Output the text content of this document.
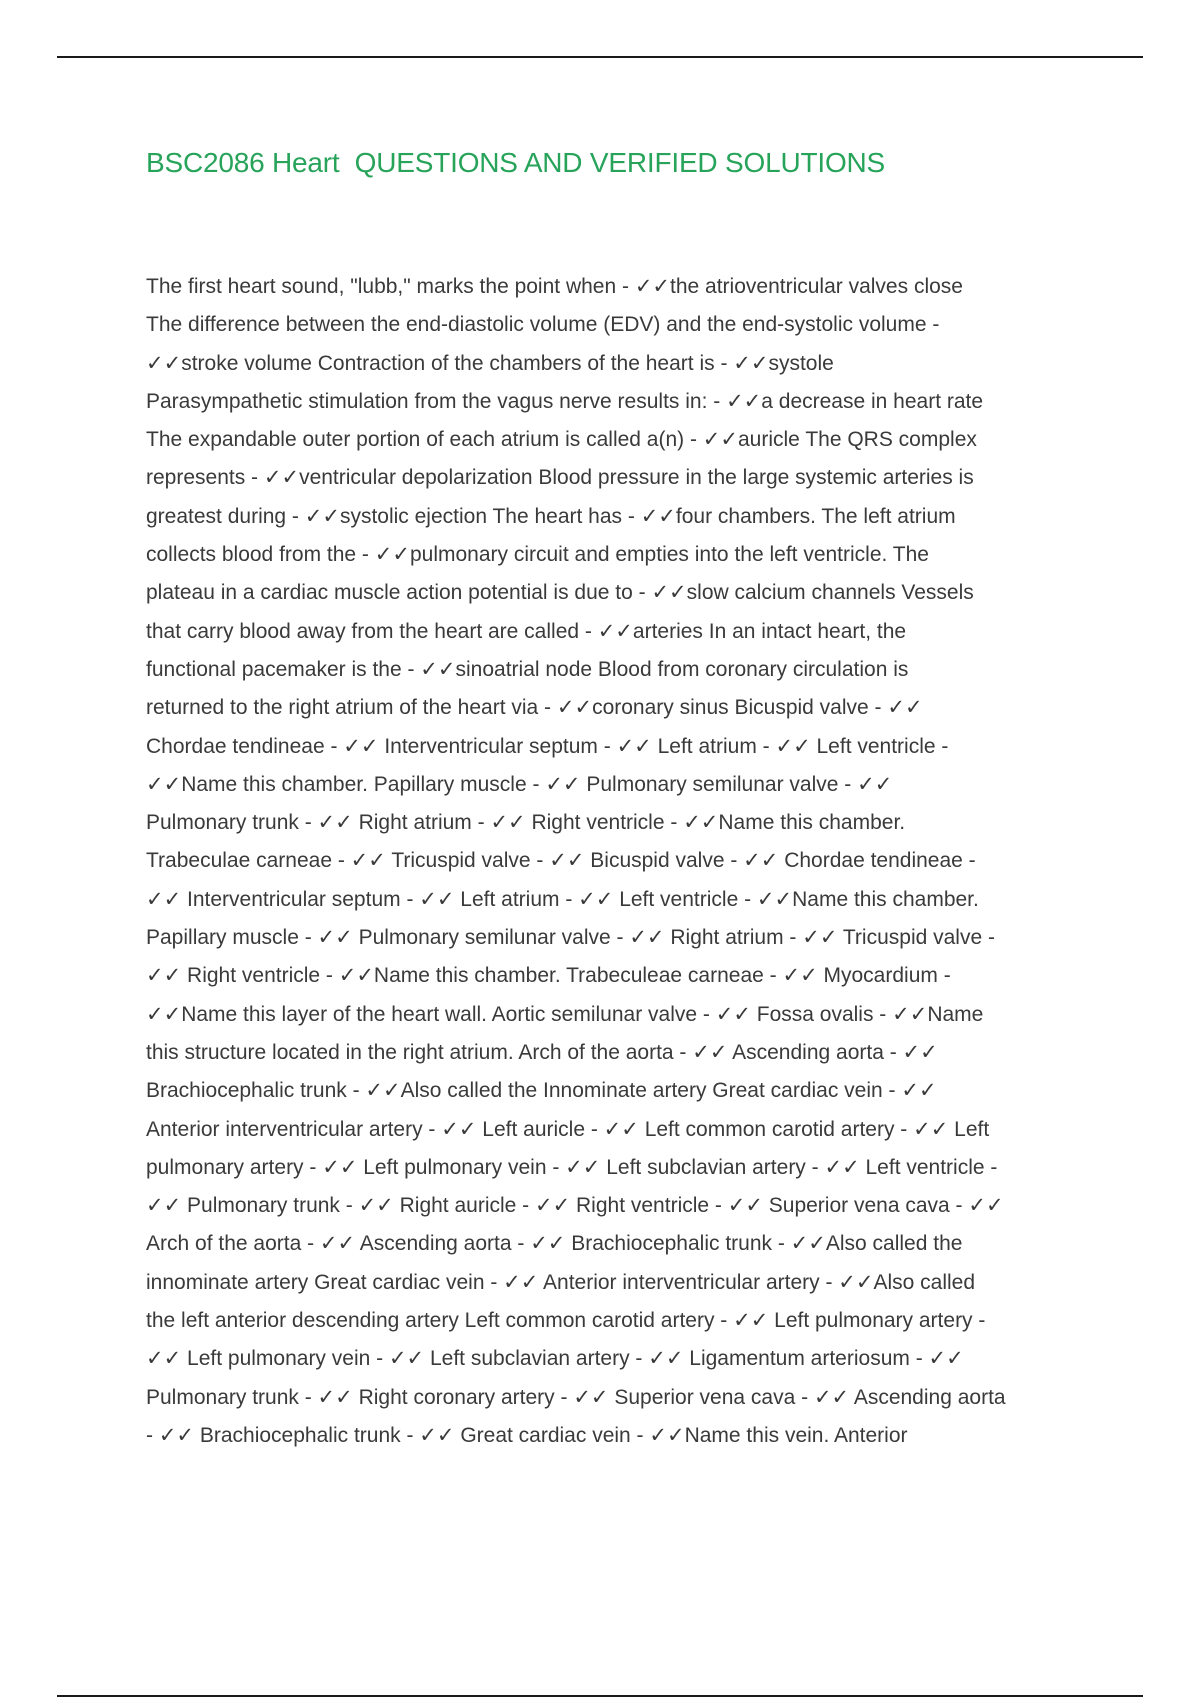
BSC2086 Heart  QUESTIONS AND VERIFIED SOLUTIONS
The first heart sound, "lubb," marks the point when - ✓✓the atrioventricular valves close
The difference between the end-diastolic volume (EDV) and the end-systolic volume -
✓✓stroke volume Contraction of the chambers of the heart is - ✓✓systole
Parasympathetic stimulation from the vagus nerve results in: - ✓✓a decrease in heart rate
The expandable outer portion of each atrium is called a(n) - ✓✓auricle The QRS complex
represents - ✓✓ventricular depolarization Blood pressure in the large systemic arteries is
greatest during - ✓✓systolic ejection The heart has - ✓✓four chambers. The left atrium
collects blood from the - ✓✓pulmonary circuit and empties into the left ventricle. The
plateau in a cardiac muscle action potential is due to - ✓✓slow calcium channels Vessels
that carry blood away from the heart are called - ✓✓arteries In an intact heart, the
functional pacemaker is the - ✓✓sinoatrial node Blood from coronary circulation is
returned to the right atrium of the heart via - ✓✓coronary sinus Bicuspid valve - ✓✓
Chordae tendineae - ✓✓ Interventricular septum - ✓✓ Left atrium - ✓✓ Left ventricle -
✓✓Name this chamber. Papillary muscle - ✓✓ Pulmonary semilunar valve - ✓✓
Pulmonary trunk - ✓✓ Right atrium - ✓✓ Right ventricle - ✓✓Name this chamber.
Trabeculae carneae - ✓✓ Tricuspid valve - ✓✓ Bicuspid valve - ✓✓ Chordae tendineae -
✓✓ Interventricular septum - ✓✓ Left atrium - ✓✓ Left ventricle - ✓✓Name this chamber.
Papillary muscle - ✓✓ Pulmonary semilunar valve - ✓✓ Right atrium - ✓✓ Tricuspid valve -
✓✓ Right ventricle - ✓✓Name this chamber. Trabeculeae carneae - ✓✓ Myocardium -
✓✓Name this layer of the heart wall. Aortic semilunar valve - ✓✓ Fossa ovalis - ✓✓Name
this structure located in the right atrium. Arch of the aorta - ✓✓ Ascending aorta - ✓✓
Brachiocephalic trunk - ✓✓Also called the Innominate artery Great cardiac vein - ✓✓
Anterior interventricular artery - ✓✓ Left auricle - ✓✓ Left common carotid artery - ✓✓ Left
pulmonary artery - ✓✓ Left pulmonary vein - ✓✓ Left subclavian artery - ✓✓ Left ventricle -
✓✓ Pulmonary trunk - ✓✓ Right auricle - ✓✓ Right ventricle - ✓✓ Superior vena cava - ✓✓
Arch of the aorta - ✓✓ Ascending aorta - ✓✓ Brachiocephalic trunk - ✓✓Also called the
innominate artery Great cardiac vein - ✓✓ Anterior interventricular artery - ✓✓Also called
the left anterior descending artery Left common carotid artery - ✓✓ Left pulmonary artery -
✓✓ Left pulmonary vein - ✓✓ Left subclavian artery - ✓✓ Ligamentum arteriosum - ✓✓
Pulmonary trunk - ✓✓ Right coronary artery - ✓✓ Superior vena cava - ✓✓ Ascending aorta
- ✓✓ Brachiocephalic trunk - ✓✓ Great cardiac vein - ✓✓Name this vein. Anterior
